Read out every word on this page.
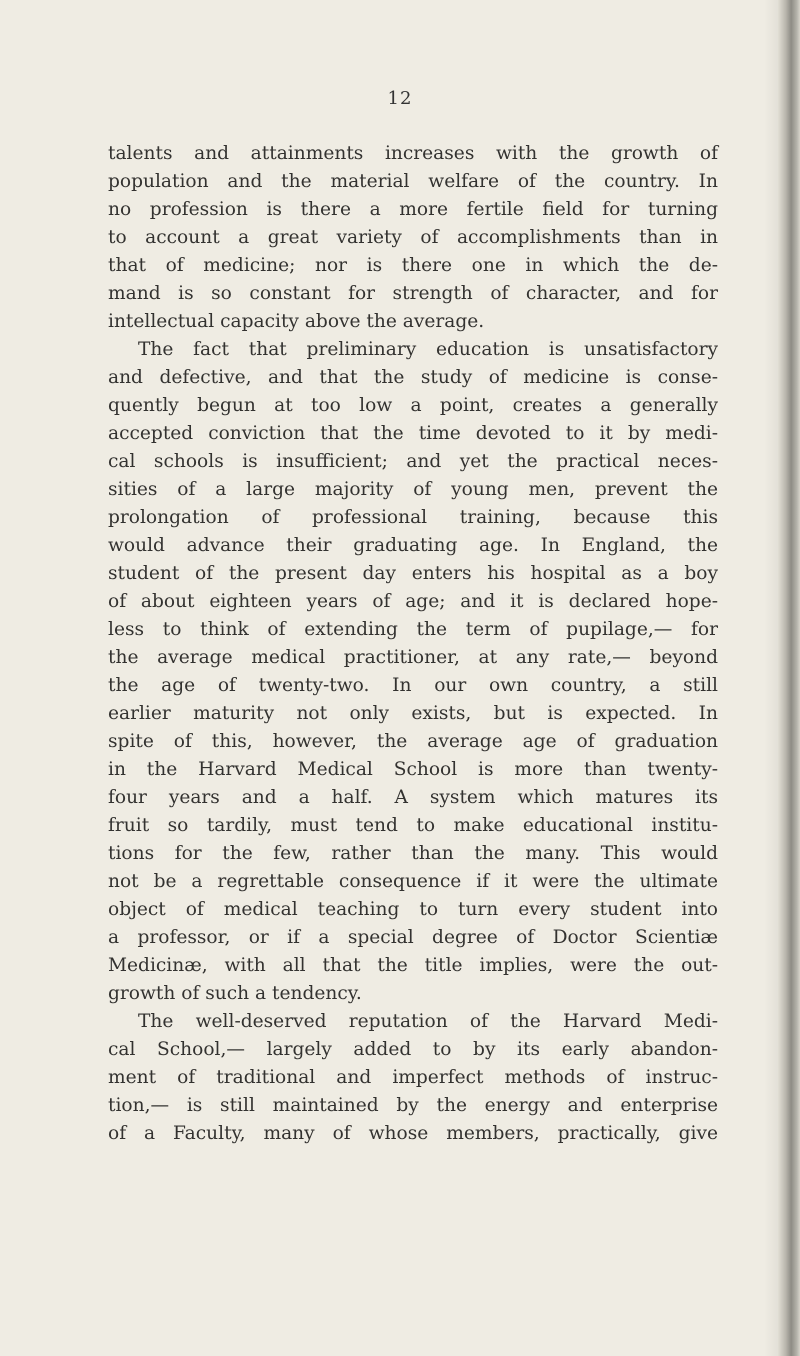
12
talents and attainments increases with the growth of
population and the material welfare of the country. In
no profession is there a more fertile field for turning
to account a great variety of accomplishments than in
that of medicine; nor is there one in which the de-
mand is so constant for strength of character, and for
intellectual capacity above the average.
The fact that preliminary education is unsatisfactory
and defective, and that the study of medicine is conse-
quently begun at too low a point, creates a generally
accepted conviction that the time devoted to it by medi-
cal schools is insufficient; and yet the practical neces-
sities of a large majority of young men, prevent the
prolongation of professional training, because this
would advance their graduating age. In England, the
student of the present day enters his hospital as a boy
of about eighteen years of age; and it is declared hope-
less to think of extending the term of pupilage,— for
the average medical practitioner, at any rate,— beyond
the age of twenty-two. In our own country, a still
earlier maturity not only exists, but is expected. In
spite of this, however, the average age of graduation
in the Harvard Medical School is more than twenty-
four years and a half. A system which matures its
fruit so tardily, must tend to make educational institu-
tions for the few, rather than the many. This would
not be a regrettable consequence if it were the ultimate
object of medical teaching to turn every student into
a professor, or if a special degree of Doctor Scientiæ
Medicinæ, with all that the title implies, were the out-
growth of such a tendency.
The well-deserved reputation of the Harvard Medi-
cal School,— largely added to by its early abandon-
ment of traditional and imperfect methods of instruc-
tion,— is still maintained by the energy and enterprise
of a Faculty, many of whose members, practically, give
